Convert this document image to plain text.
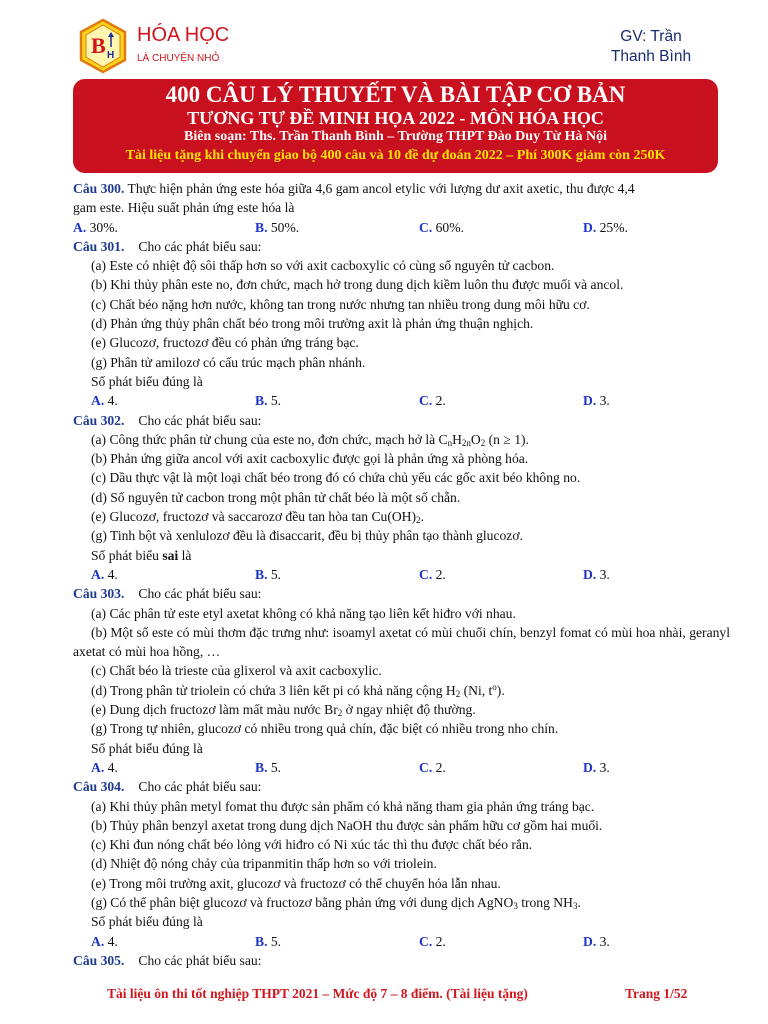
B H
HÓA HỌC
LÀ CHUYỆN NHỎ
GV: Trần
Thanh Bình
400 CÂU LÝ THUYẾT VÀ BÀI TẬP CƠ BẢN
TƯƠNG TỰ ĐỀ MINH HỌA 2022 - MÔN HÓA HỌC
Biên soạn: Ths. Trần Thanh Bình – Trường THPT Đào Duy Từ Hà Nội
Tài liệu tặng khi chuyển giao bộ 400 câu và 10 đề dự đoán 2022 – Phí 300K giảm còn 250K
Câu 300. Thực hiện phản ứng este hóa giữa 4,6 gam ancol etylic với lượng dư axit axetic, thu được 4,4
gam este. Hiệu suất phản ứng este hóa là
A. 30%.	B. 50%.	C. 60%.	D. 25%.
Câu 301. Cho các phát biểu sau:
(a) Este có nhiệt độ sôi thấp hơn so với axit cacboxylic có cùng số nguyên tử cacbon.
(b) Khi thủy phân este no, đơn chức, mạch hở trong dung dịch kiềm luôn thu được muối và ancol.
(c) Chất béo nặng hơn nước, không tan trong nước nhưng tan nhiều trong dung môi hữu cơ.
(d) Phản ứng thủy phân chất béo trong môi trường axit là phản ứng thuận nghịch.
(e) Glucozơ, fructozơ đều có phản ứng tráng bạc.
(g) Phân tử amilozơ có cấu trúc mạch phân nhánh.
Số phát biểu đúng là
A. 4.	B. 5.	C. 2.	D. 3.
Câu 302. Cho các phát biểu sau:
(a) Công thức phân tử chung của este no, đơn chức, mạch hở là $C_nH_{2n}O_2$ (n ≥ 1).
(b) Phản ứng giữa ancol với axit cacboxylic được gọi là phản ứng xà phòng hóa.
(c) Dầu thực vật là một loại chất béo trong đó có chứa chủ yếu các gốc axit béo không no.
(d) Số nguyên tử cacbon trong một phân tử chất béo là một số chẵn.
(e) Glucozơ, fructozơ và saccarozơ đều tan hòa $\tan Cu(OH)_2$.
(g) Tinh bột và xenlulozơ đều là đisaccarit, đều bị thủy phân tạo thành glucozơ.
Số phát biểu sai là
A. 4.	B. 5.	C. 2.	D. 3.
Câu 303. Cho các phát biểu sau:
(a) Các phân tử este etyl axetat không có khả năng tạo liên kết hiđro với nhau.
(b) Một số este có mùi thơm đặc trưng như: isoamyl axetat có mùi chuối chín, benzyl fomat có mùi hoa nhài, geranyl axetat có mùi hoa hồng, …
(c) Chất béo là trieste của glixerol và axit cacboxylic.
(d) Trong phân tử triolein có chứa 3 liên kết pi có khả năng cộng $H_2$ (Ni, $t^o$).
(e) Dung dịch fructozơ làm mất màu nước $Br_2$ ở ngay nhiệt độ thường.
(g) Trong tự nhiên, glucozơ có nhiều trong quả chín, đặc biệt có nhiều trong nho chín.
Số phát biểu đúng là
A. 4.	B. 5.	C. 2.	D. 3.
Câu 304. Cho các phát biểu sau:
(a) Khi thủy phân metyl fomat thu được sản phẩm có khả năng tham gia phản ứng tráng bạc.
(b) Thủy phân benzyl axetat trong dung dịch NaOH thu được sản phẩm hữu cơ gồm hai muối.
(c) Khi đun nóng chất béo lỏng với hiđro có Ni xúc tác thì thu được chất béo rắn.
(d) Nhiệt độ nóng chảy của tripanmitin thấp hơn so với triolein.
(e) Trong môi trường axit, glucozơ và fructozơ có thể chuyển hóa lẫn nhau.
(g) Có thể phân biệt glucozơ và fructozơ bằng phản ứng với dung dịch AgNO$_3$ trong $NH_3$.
Số phát biểu đúng là
A. 4.	B. 5.	C. 2.	D. 3.
Câu 305. Cho các phát biểu sau:
Tài liệu ôn thi tốt nghiệp THPT 2021 – Mức độ 7 – 8 điểm. (Tài liệu tặng)	Trang 1/52
